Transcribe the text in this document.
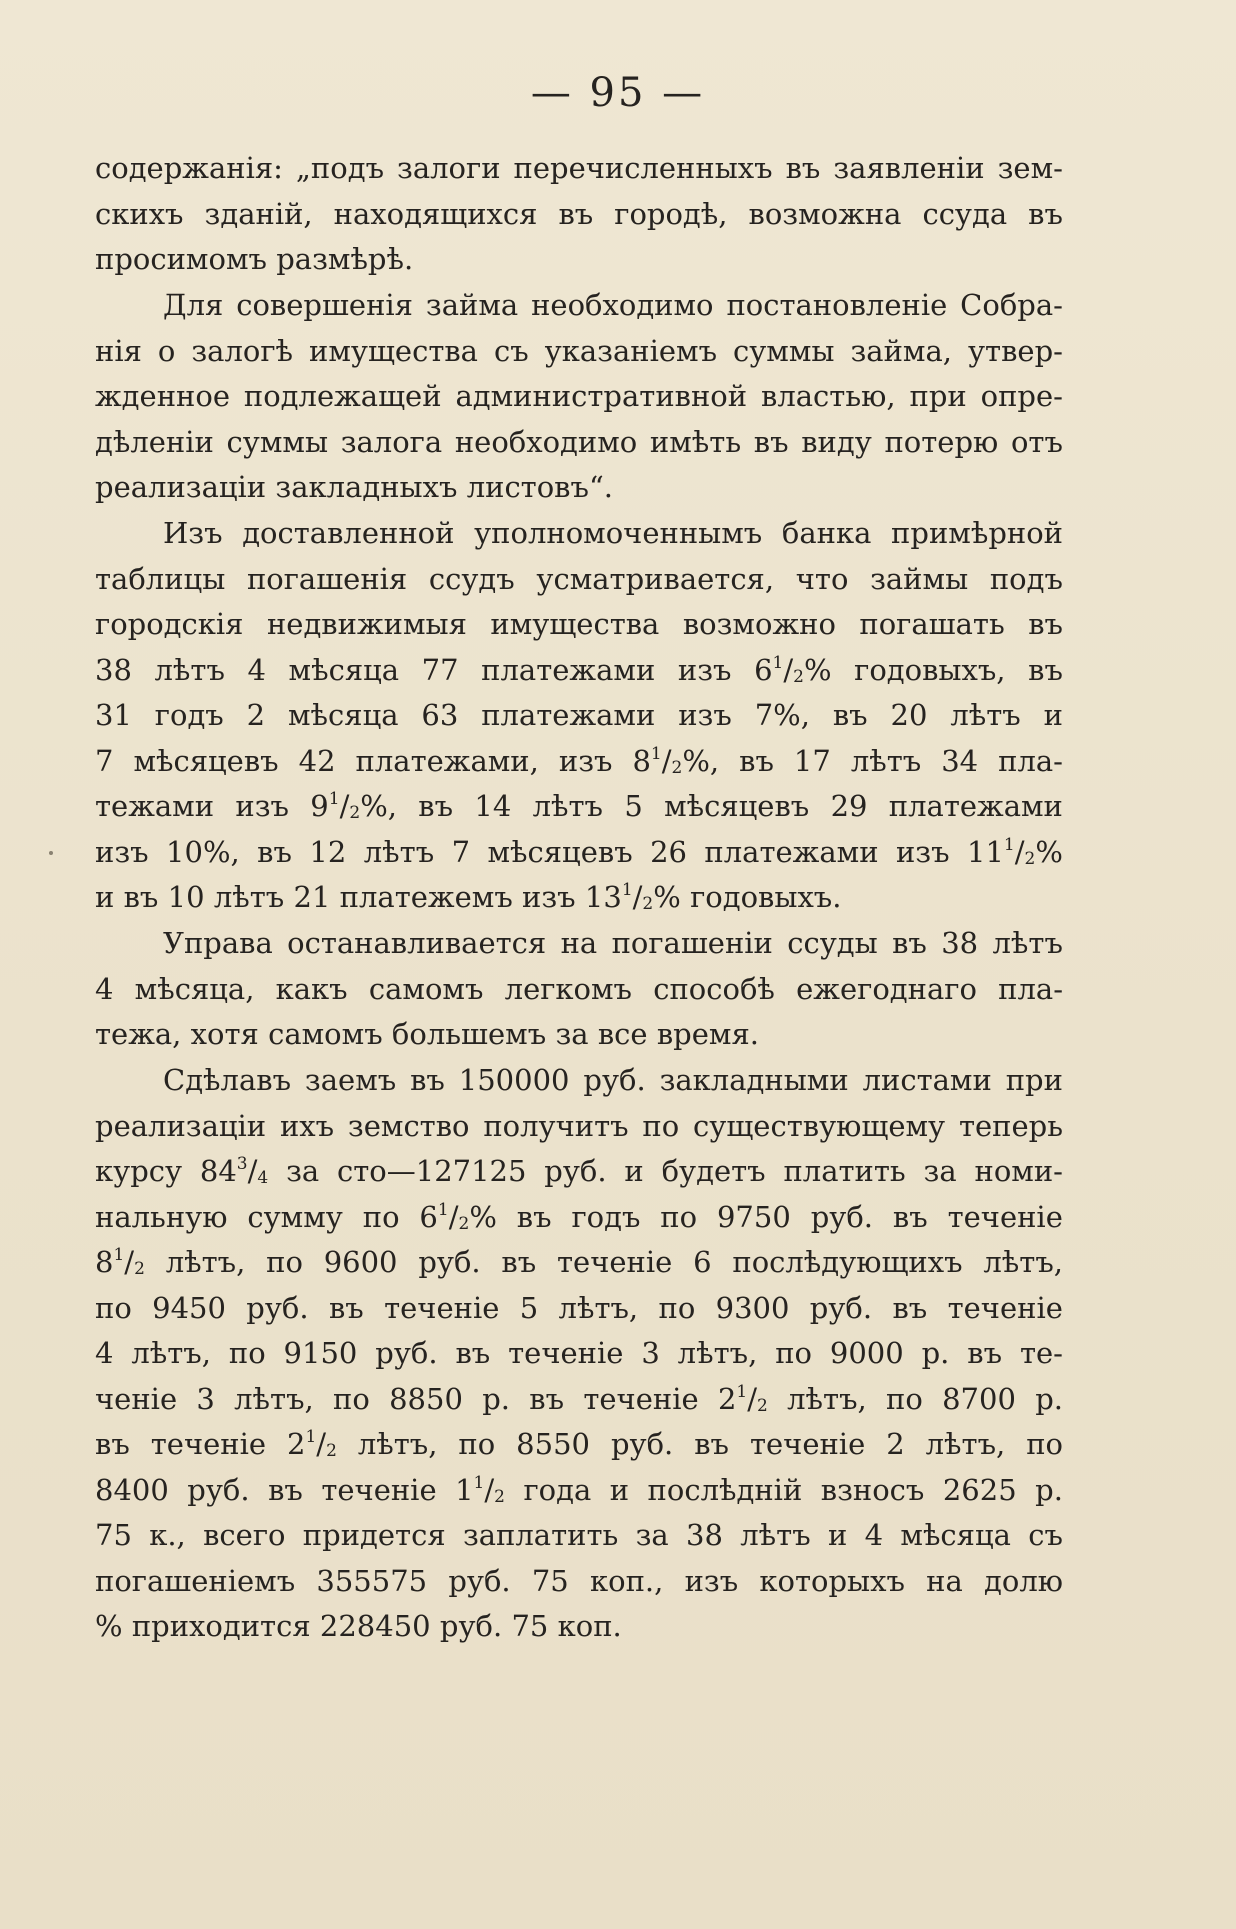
— 95 —
содержанія: „подъ залоги перечисленныхъ въ заявленіи зем-
скихъ зданій, находящихся въ городѣ, возможна ссуда въ
просимомъ размѣрѣ.
Для совершенія займа необходимо постановленіе Собра-
нія о залогѣ имущества съ указаніемъ суммы займа, утвер-
жденное подлежащей административной властью, при опре-
дѣленіи суммы залога необходимо имѣть въ виду потерю отъ
реализаціи закладныхъ листовъ“.
Изъ доставленной уполномоченнымъ банка примѣрной
таблицы погашенія ссудъ усматривается, что займы подъ
городскія недвижимыя имущества возможно погашать въ
38 лѣтъ 4 мѣсяца 77 платежами изъ $6^1/_2\%$ годовыхъ, въ
31 годъ 2 мѣсяца 63 платежами изъ 7%, въ 20 лѣтъ и
7 мѣсяцевъ 42 платежами, изъ $8^1/_2\%$, въ 17 лѣтъ 34 пла-
тежами изъ $9^1/_2\%$, въ 14 лѣтъ 5 мѣсяцевъ 29 платежами
изъ 10%, въ 12 лѣтъ 7 мѣсяцевъ 26 платежами изъ $11^1/_2\%$
и въ 10 лѣтъ 21 платежемъ изъ $13^1/_2\%$ годовыхъ.
Управа останавливается на погашеніи ссуды въ 38 лѣтъ
4 мѣсяца, какъ самомъ легкомъ способѣ ежегоднаго пла-
тежа, хотя самомъ большемъ за все время.
Сдѣлавъ заемъ въ 150000 руб. закладными листами при
реализаціи ихъ земство получитъ по существующему теперь
курсу $84^3/_4$ за сто—127125 руб. и будетъ платить за номи-
нальную сумму по $6^1/_2\%$ въ годъ по 9750 руб. въ теченіе
$8^1/_2$ лѣтъ, по 9600 руб. въ теченіе 6 послѣдующихъ лѣтъ,
по 9450 руб. въ теченіе 5 лѣтъ, по 9300 руб. въ теченіе
4 лѣтъ, по 9150 руб. въ теченіе 3 лѣтъ, по 9000 р. въ те-
ченіе 3 лѣтъ, по 8850 р. въ теченіе $2^1/_2$ лѣтъ, по 8700 р.
въ теченіе $2^1/_2$ лѣтъ, по 8550 руб. въ теченіе 2 лѣтъ, по
8400 руб. въ теченіе $1^1/_2$ года и послѣдній взносъ 2625 р.
75 к., всего придется заплатить за 38 лѣтъ и 4 мѣсяца съ
погашеніемъ 355575 руб. 75 коп., изъ которыхъ на долю
% приходится 228450 руб. 75 коп.
